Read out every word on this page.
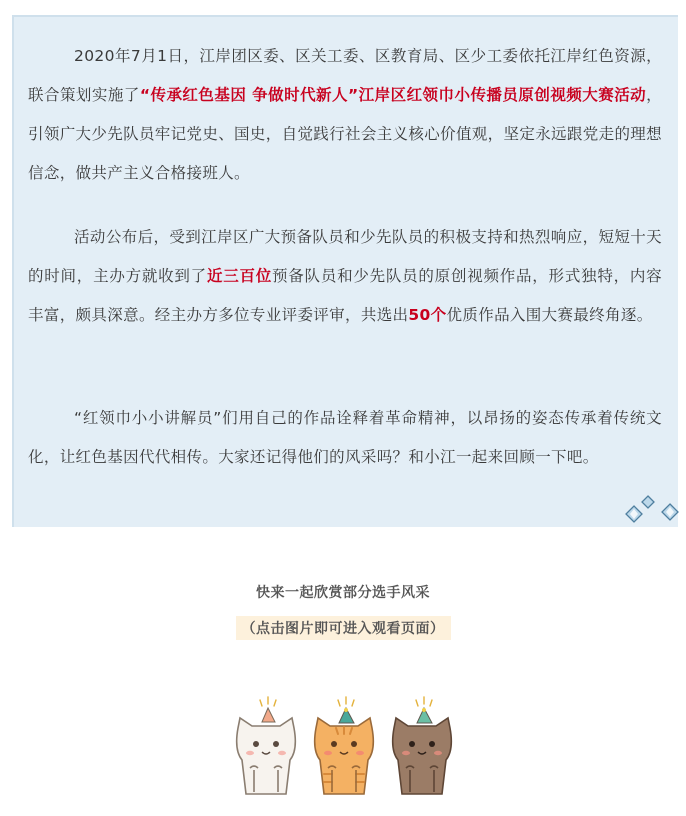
2020年7月1日，江岸团区委、区关工委、区教育局、区少工委依托江岸红色资源，联合策划实施了“传承红色基因 争做时代新人”江岸区红领巾小传播员原创视频大赛活动，引领广大少先队员牢记党史、国史，自觉践行社会主义核心价值观，坚定永远跟党走的理想信念，做共产主义合格接班人。

活动公布后，受到江岸区广大预备队员和少先队员的积极支持和热烈响应，短短十天的时间，主办方就收到了近三百位预备队员和少先队员的原创视频作品，形式独特，内容丰富，颇具深意。经主办方多位专业评委评审，共选出50个优质作品入围大赛最终角逐。

“红领巾小小讲解员”们用自己的作品诠释着革命精神，以昂扬的姿态传承着传统文化，让红色基因代代相传。大家还记得他们的风采吗？和小江一起来回顾一下吧。

快来一起欣赏部分选手风采
（点击图片即可进入观看页面）
